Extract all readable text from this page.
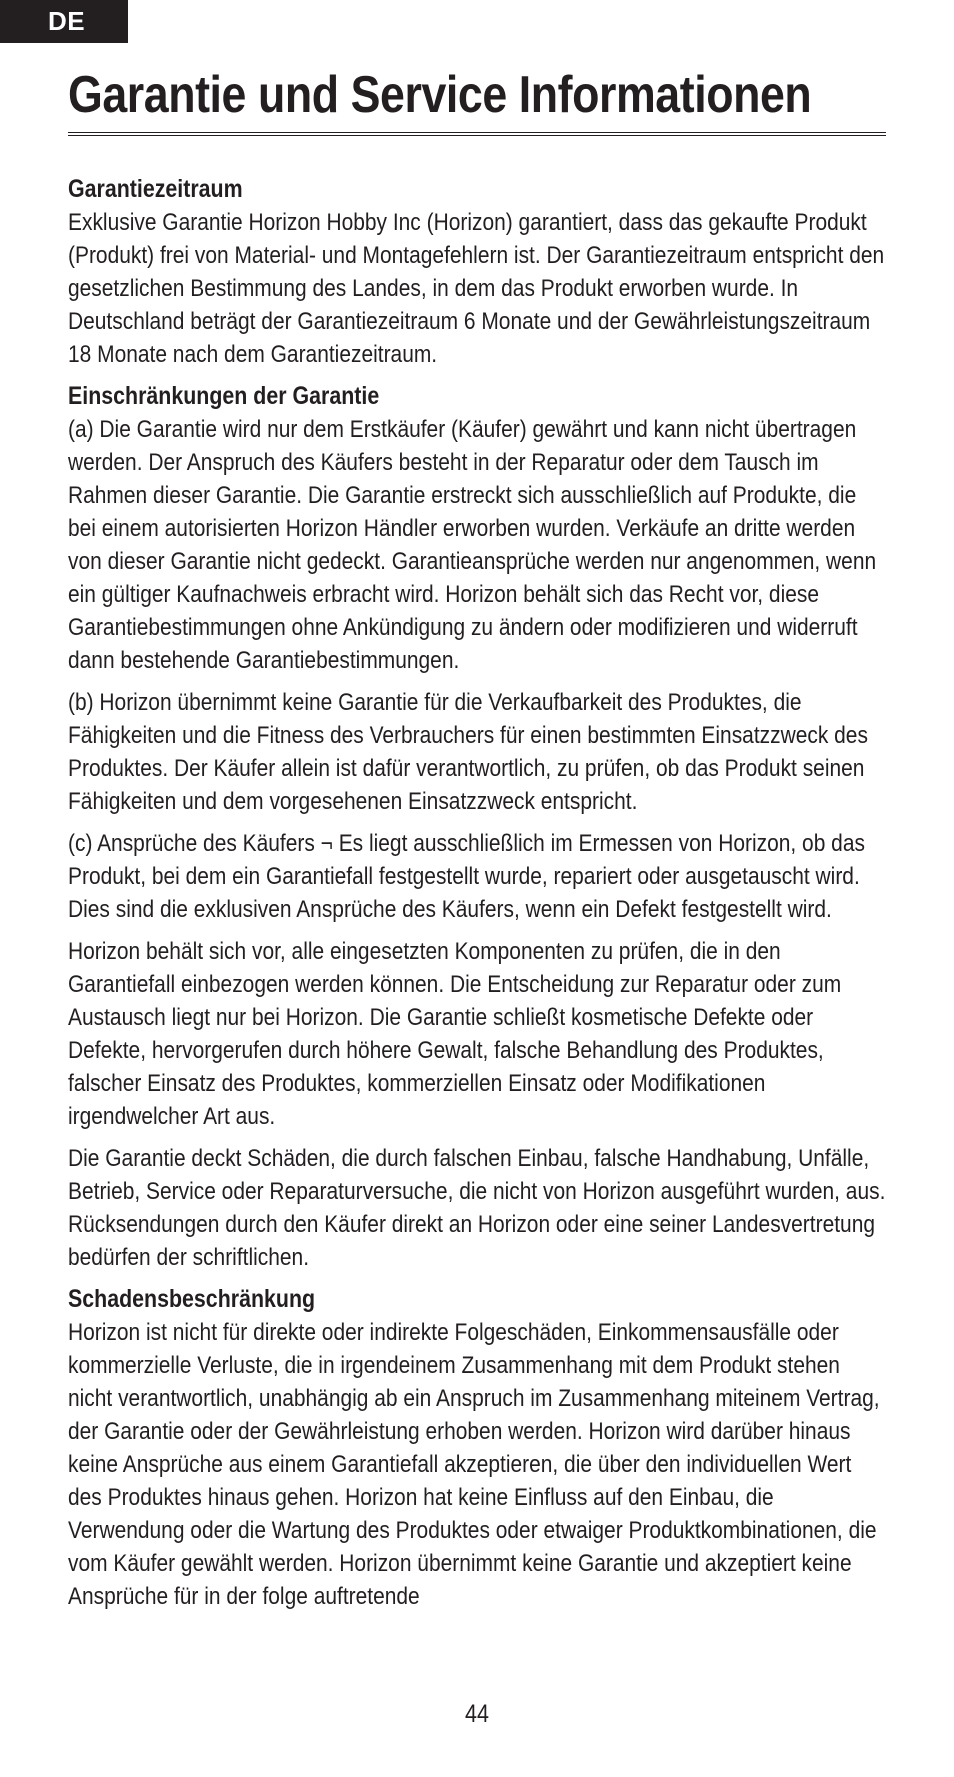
DE
Garantie und Service Informationen
Garantiezeitraum

Exklusive Garantie Horizon Hobby Inc (Horizon) garantiert, dass das gekaufte Produkt (Produkt) frei von Material- und Montagefehlern ist. Der Garantiezeitraum entspricht den gesetzlichen Bestimmung des Landes, in dem das Produkt erworben wurde. In Deutschland beträgt der Garantiezeitraum 6 Monate und der Gewährleistungszeitraum 18 Monate nach dem Garantiezeitraum.

Einschränkungen der Garantie

(a) Die Garantie wird nur dem Erstkäufer (Käufer) gewährt und kann nicht übertragen werden. Der Anspruch des Käufers besteht in der Reparatur oder dem Tausch im Rahmen dieser Garantie. Die Garantie erstreckt sich ausschließlich auf Produkte, die bei einem autorisierten Horizon Händler erworben wurden. Verkäufe an dritte werden von dieser Garantie nicht gedeckt. Garantieansprüche werden nur angenommen, wenn ein gültiger Kaufnachweis erbracht wird. Horizon behält sich das Recht vor, diese Garantiebestimmungen ohne Ankündigung zu ändern oder modifizieren und widerruft dann bestehende Garantiebestimmungen.

(b) Horizon übernimmt keine Garantie für die Verkaufbarkeit des Produktes, die Fähigkeiten und die Fitness des Verbrauchers für einen bestimmten Einsatzzweck des Produktes. Der Käufer allein ist dafür verantwortlich, zu prüfen, ob das Produkt seinen Fähigkeiten und dem vorgesehenen Einsatzzweck entspricht.

(c) Ansprüche des Käufers ¬ Es liegt ausschließlich im Ermessen von Horizon, ob das Produkt, bei dem ein Garantiefall festgestellt wurde, repariert oder ausgetauscht wird. Dies sind die exklusiven Ansprüche des Käufers, wenn ein Defekt festgestellt wird.

Horizon behält sich vor, alle eingesetzten Komponenten zu prüfen, die in den Garantiefall einbezogen werden können. Die Entscheidung zur Reparatur oder zum Austausch liegt nur bei Horizon. Die Garantie schließt kosmetische Defekte oder Defekte, hervorgerufen durch höhere Gewalt, falsche Behandlung des Produktes, falscher Einsatz des Produktes, kommerziellen Einsatz oder Modifikationen irgendwelcher Art aus.

Die Garantie deckt Schäden, die durch falschen Einbau, falsche Handhabung, Unfälle, Betrieb, Service oder Reparaturversuche, die nicht von Horizon ausgeführt wurden, aus. Rücksendungen durch den Käufer direkt an Horizon oder eine seiner Landesvertretung bedürfen der schriftlichen.

Schadensbeschränkung

Horizon ist nicht für direkte oder indirekte Folgeschäden, Einkommensausfälle oder kommerzielle Verluste, die in irgendeinem Zusammenhang mit dem Produkt stehen nicht verantwortlich, unabhängig ab ein Anspruch im Zusammenhang miteinem Vertrag, der Garantie oder der Gewährleistung erhoben werden. Horizon wird darüber hinaus keine Ansprüche aus einem Garantiefall akzeptieren, die über den individuellen Wert des Produktes hinaus gehen. Horizon hat keine Einfluss auf den Einbau, die Verwendung oder die Wartung des Produktes oder etwaiger Produktkombinationen, die vom Käufer gewählt werden. Horizon übernimmt keine Garantie und akzeptiert keine Ansprüche für in der folge auftretende

44
